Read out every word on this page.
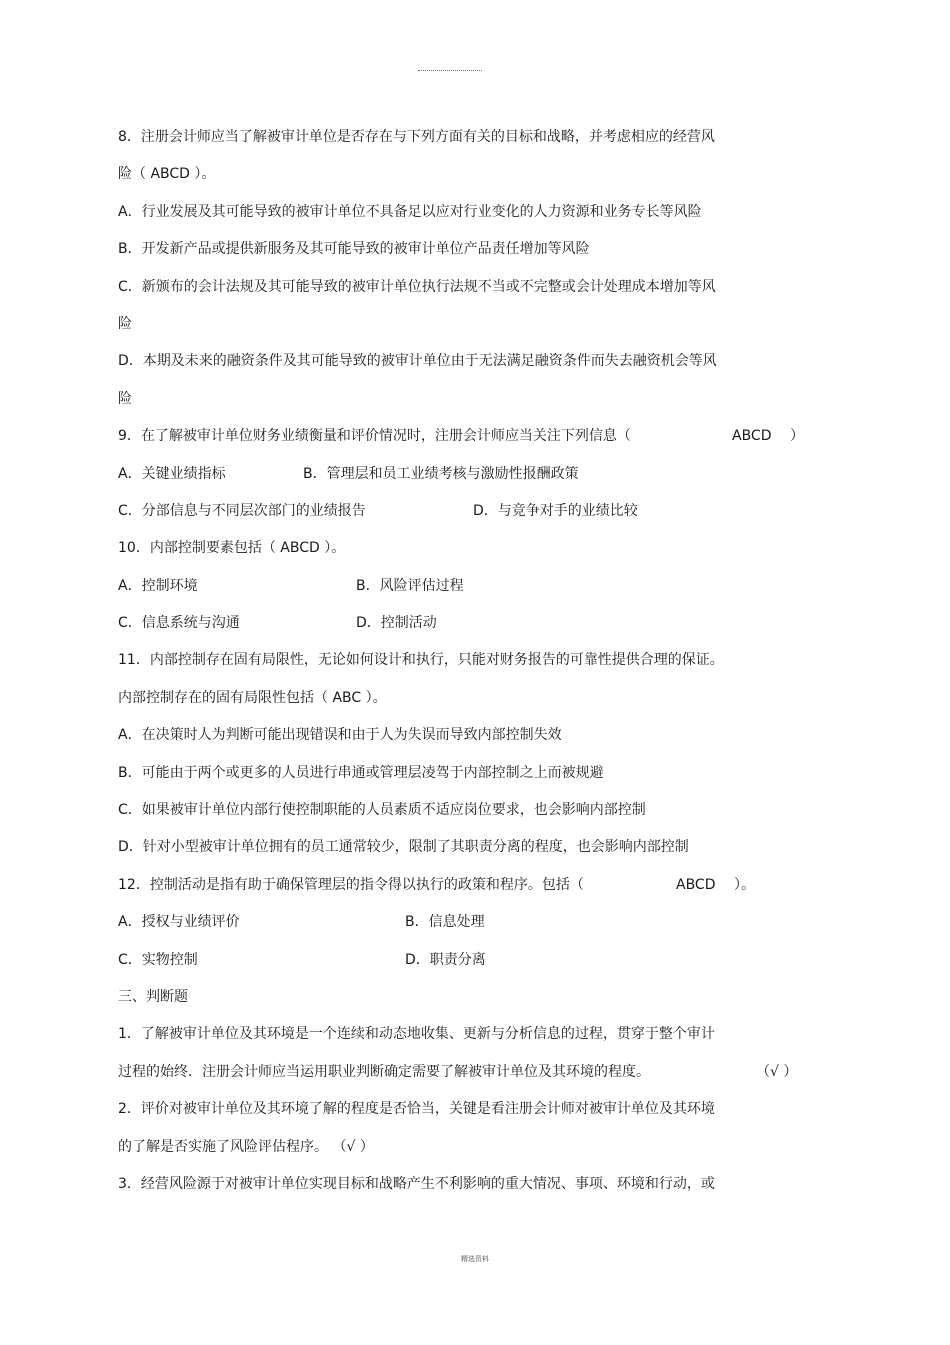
8．注册会计师应当了解被审计单位是否存在与下列方面有关的目标和战略，并考虑相应的经营风
险（ ABCD ）。
A．行业发展及其可能导致的被审计单位不具备足以应对行业变化的人力资源和业务专长等风险
B．开发新产品或提供新服务及其可能导致的被审计单位产品责任增加等风险
C．新颁布的会计法规及其可能导致的被审计单位执行法规不当或不完整或会计处理成本增加等风
险
D．本期及未来的融资条件及其可能导致的被审计单位由于无法满足融资条件而失去融资机会等风
险
9．在了解被审计单位财务业绩衡量和评价情况时，注册会计师应当关注下列信息（	ABCD ）
A．关键业绩指标	B．管理层和员工业绩考核与激励性报酬政策
C．分部信息与不同层次部门的业绩报告	D．与竞争对手的业绩比较
10．内部控制要素包括（ ABCD ）。
A．控制环境	B．风险评估过程
C．信息系统与沟通	D．控制活动
11．内部控制存在固有局限性，无论如何设计和执行，只能对财务报告的可靠性提供合理的保证。
内部控制存在的固有局限性包括（ ABC ）。
A．在决策时人为判断可能出现错误和由于人为失误而导致内部控制失效
B．可能由于两个或更多的人员进行串通或管理层凌驾于内部控制之上而被规避
C．如果被审计单位内部行使控制职能的人员素质不适应岗位要求，也会影响内部控制
D．针对小型被审计单位拥有的员工通常较少，限制了其职责分离的程度，也会影响内部控制
12．控制活动是指有助于确保管理层的指令得以执行的政策和程序。包括（	ABCD ）。
A．授权与业绩评价	B．信息处理
C．实物控制	D．职责分离
三、判断题
1．了解被审计单位及其环境是一个连续和动态地收集、更新与分析信息的过程，贯穿于整个审计
过程的始终．注册会计师应当运用职业判断确定需要了解被审计单位及其环境的程度。	（√ ）
2．评价对被审计单位及其环境了解的程度是否恰当，关键是看注册会计师对被审计单位及其环境
的了解是否实施了风险评估程序。 （√ ）
3．经营风险源于对被审计单位实现目标和战略产生不利影响的重大情况、事项、环境和行动，或
精选资料
